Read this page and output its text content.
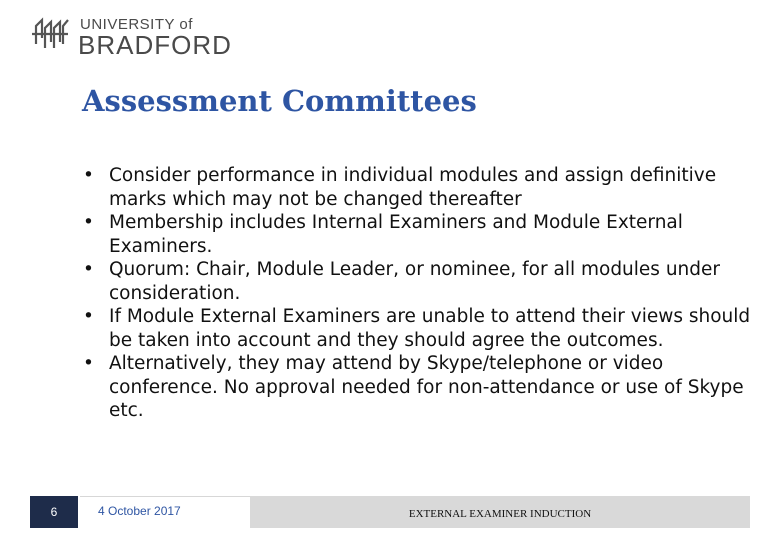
UNIVERSITY of
BRADFORD
Assessment Committees
• Consider performance in individual modules and assign definitive marks which may not be changed thereafter
• Membership includes Internal Examiners and Module External Examiners.
• Quorum: Chair, Module Leader, or nominee, for all modules under consideration.
• If Module External Examiners are unable to attend their views should be taken into account and they should agree the outcomes.
• Alternatively, they may attend by Skype/telephone or video conference. No approval needed for non-attendance or use of Skype etc.
6	4 October 2017	EXTERNAL EXAMINER INDUCTION
